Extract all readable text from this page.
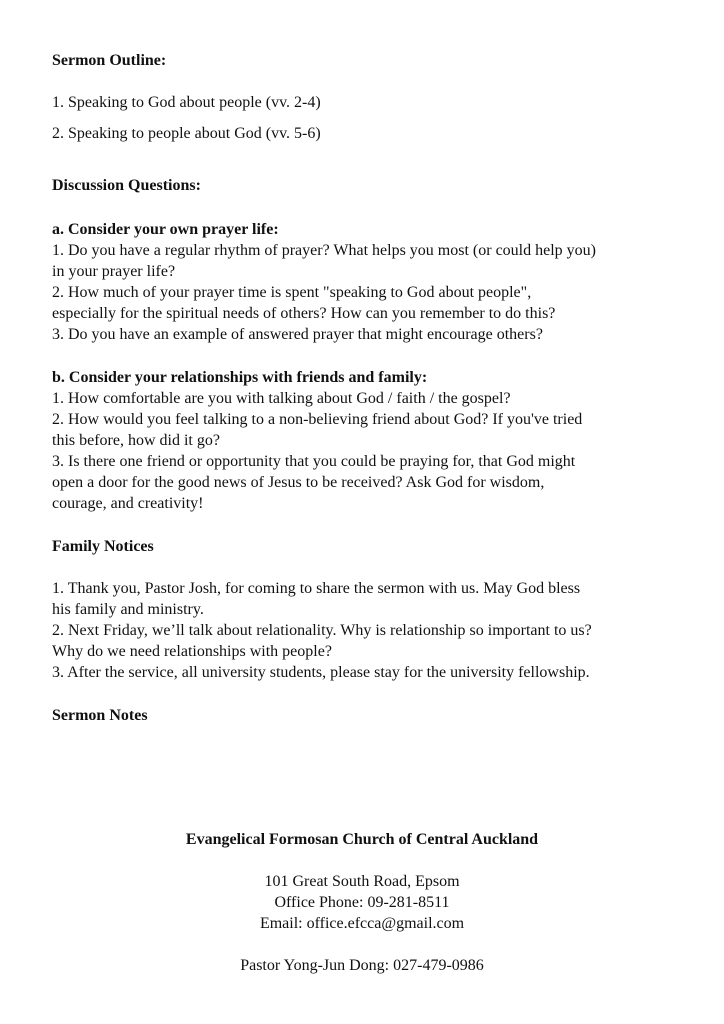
Sermon Outline:
1. Speaking to God about people (vv. 2-4)
2. Speaking to people about God (vv. 5-6)
Discussion Questions:
a. Consider your own prayer life:
1. Do you have a regular rhythm of prayer? What helps you most (or could help you)
in your prayer life?
2. How much of your prayer time is spent "speaking to God about people",
especially for the spiritual needs of others? How can you remember to do this?
3. Do you have an example of answered prayer that might encourage others?
b. Consider your relationships with friends and family:
1. How comfortable are you with talking about God / faith / the gospel?
2. How would you feel talking to a non-believing friend about God? If you've tried
this before, how did it go?
3. Is there one friend or opportunity that you could be praying for, that God might
open a door for the good news of Jesus to be received? Ask God for wisdom,
courage, and creativity!
Family Notices
1. Thank you, Pastor Josh, for coming to share the sermon with us. May God bless
his family and ministry.
2. Next Friday, we’ll talk about relationality. Why is relationship so important to us?
Why do we need relationships with people?
3. After the service, all university students, please stay for the university fellowship.
Sermon Notes
Evangelical Formosan Church of Central Auckland
101 Great South Road, Epsom
Office Phone: 09-281-8511
Email: office.efcca@gmail.com
Pastor Yong-Jun Dong: 027-479-0986
